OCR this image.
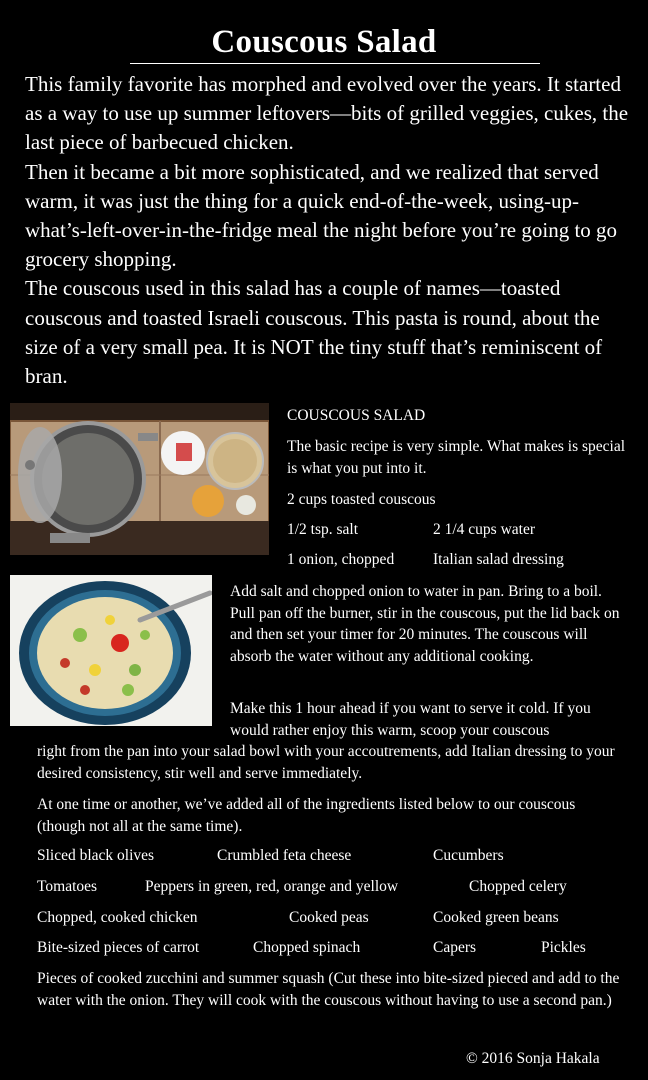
Couscous Salad

This family favorite has morphed and evolved over the years. It started as a way to use up summer leftovers—bits of grilled veggies, cukes, the last piece of barbecued chicken.

Then it became a bit more sophisticated, and we realized that served warm, it was just the thing for a quick end-of-the-week, using-up-what’s-left-over-in-the-fridge meal the night before you’re going to go grocery shopping.

The couscous used in this salad has a couple of names—toasted couscous and toasted Israeli couscous. This pasta is round, about the size of a very small pea. It is NOT the tiny stuff that’s reminiscent of bran.

COUSCOUS SALAD
The basic recipe is very simple. What makes is special is what you put into it.
2 cups toasted couscous
1/2 tsp. salt	2 1/4 cups water
1 onion, chopped	Italian salad dressing
Add salt and chopped onion to water in pan. Bring to a boil. Pull pan off the burner, stir in the couscous, put the lid back on and then set your timer for 20 minutes. The couscous will absorb the water without any additional cooking.
Make this 1 hour ahead if you want to serve it cold. If you would rather enjoy this warm, scoop your couscous
right from the pan into your salad bowl with your accoutrements, add Italian dressing to your desired consistency, stir well and serve immediately.
At one time or another, we’ve added all of the ingredients listed below to our couscous (though not all at the same time).
Sliced black olives	Crumbled feta cheese	Cucumbers
Tomatoes	Peppers in green, red, orange and yellow	Chopped celery
Chopped, cooked chicken	Cooked peas	Cooked green beans
Bite-sized pieces of carrot	Chopped spinach	Capers	Pickles
Pieces of cooked zucchini and summer squash (Cut these into bite-sized pieced and add to the water with the onion. They will cook with the couscous without having to use a second pan.)
© 2016 Sonja Hakala
